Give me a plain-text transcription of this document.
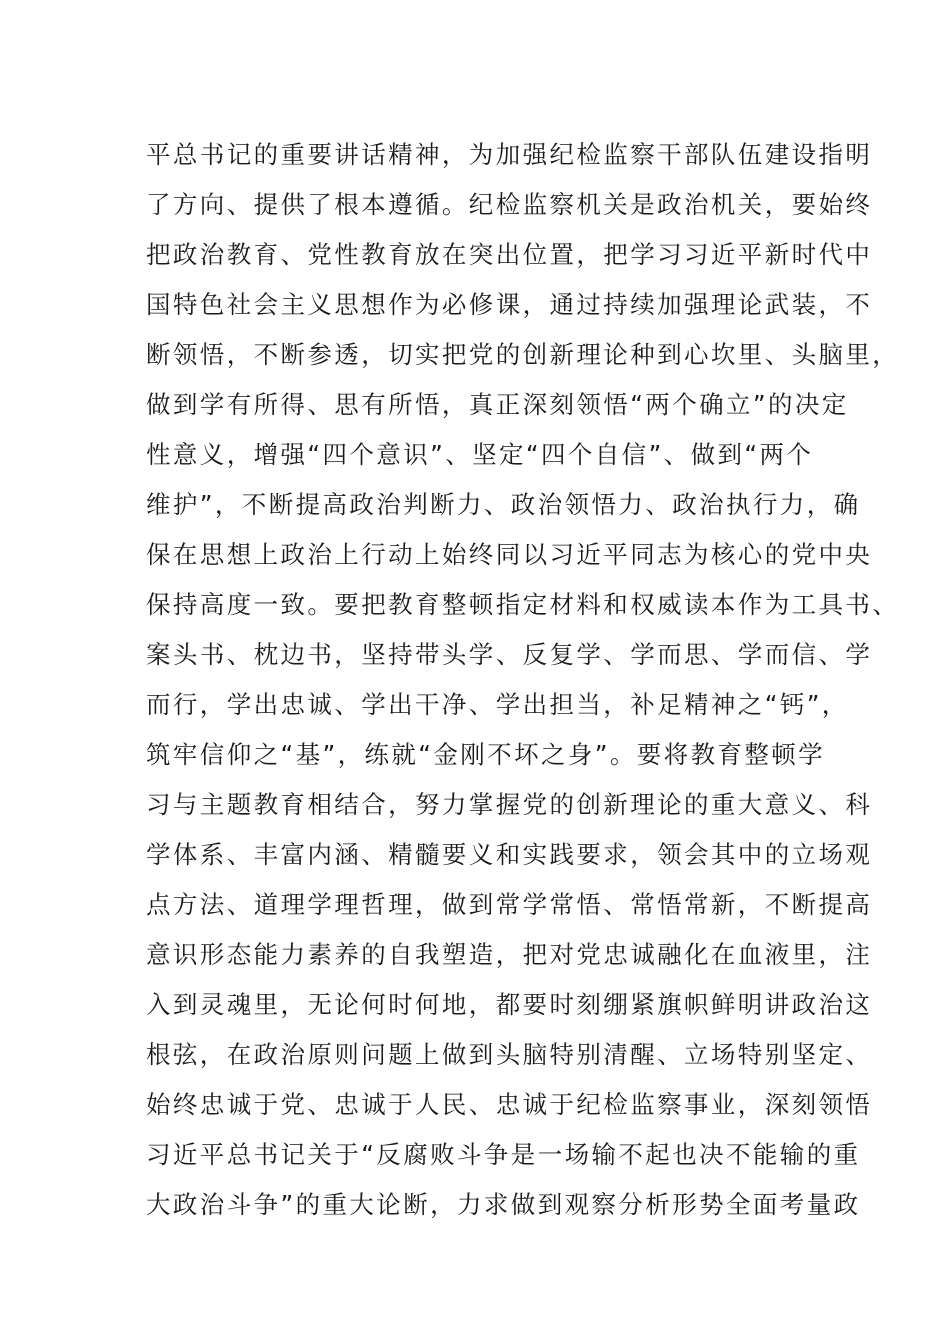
平总书记的重要讲话精神，为加强纪检监察干部队伍建设指明
了方向、提供了根本遵循。纪检监察机关是政治机关，要始终
把政治教育、党性教育放在突出位置，把学习习近平新时代中
国特色社会主义思想作为必修课，通过持续加强理论武装，不
断领悟，不断参透，切实把党的创新理论种到心坎里、头脑里，
做到学有所得、思有所悟，真正深刻领悟“两个确立”的决定
性意义，增强“四个意识”、坚定“四个自信”、做到“两个
维护”，不断提高政治判断力、政治领悟力、政治执行力，确
保在思想上政治上行动上始终同以习近平同志为核心的党中央
保持高度一致。要把教育整顿指定材料和权威读本作为工具书、
案头书、枕边书，坚持带头学、反复学、学而思、学而信、学
而行，学出忠诚、学出干净、学出担当，补足精神之“钙”，
筑牢信仰之“基”，练就“金刚不坏之身”。要将教育整顿学
习与主题教育相结合，努力掌握党的创新理论的重大意义、科
学体系、丰富内涵、精髓要义和实践要求，领会其中的立场观
点方法、道理学理哲理，做到常学常悟、常悟常新，不断提高
意识形态能力素养的自我塑造，把对党忠诚融化在血液里，注
入到灵魂里，无论何时何地，都要时刻绷紧旗帜鲜明讲政治这
根弦，在政治原则问题上做到头脑特别清醒、立场特别坚定、
始终忠诚于党、忠诚于人民、忠诚于纪检监察事业，深刻领悟
习近平总书记关于“反腐败斗争是一场输不起也决不能输的重
大政治斗争”的重大论断，力求做到观察分析形势全面考量政
